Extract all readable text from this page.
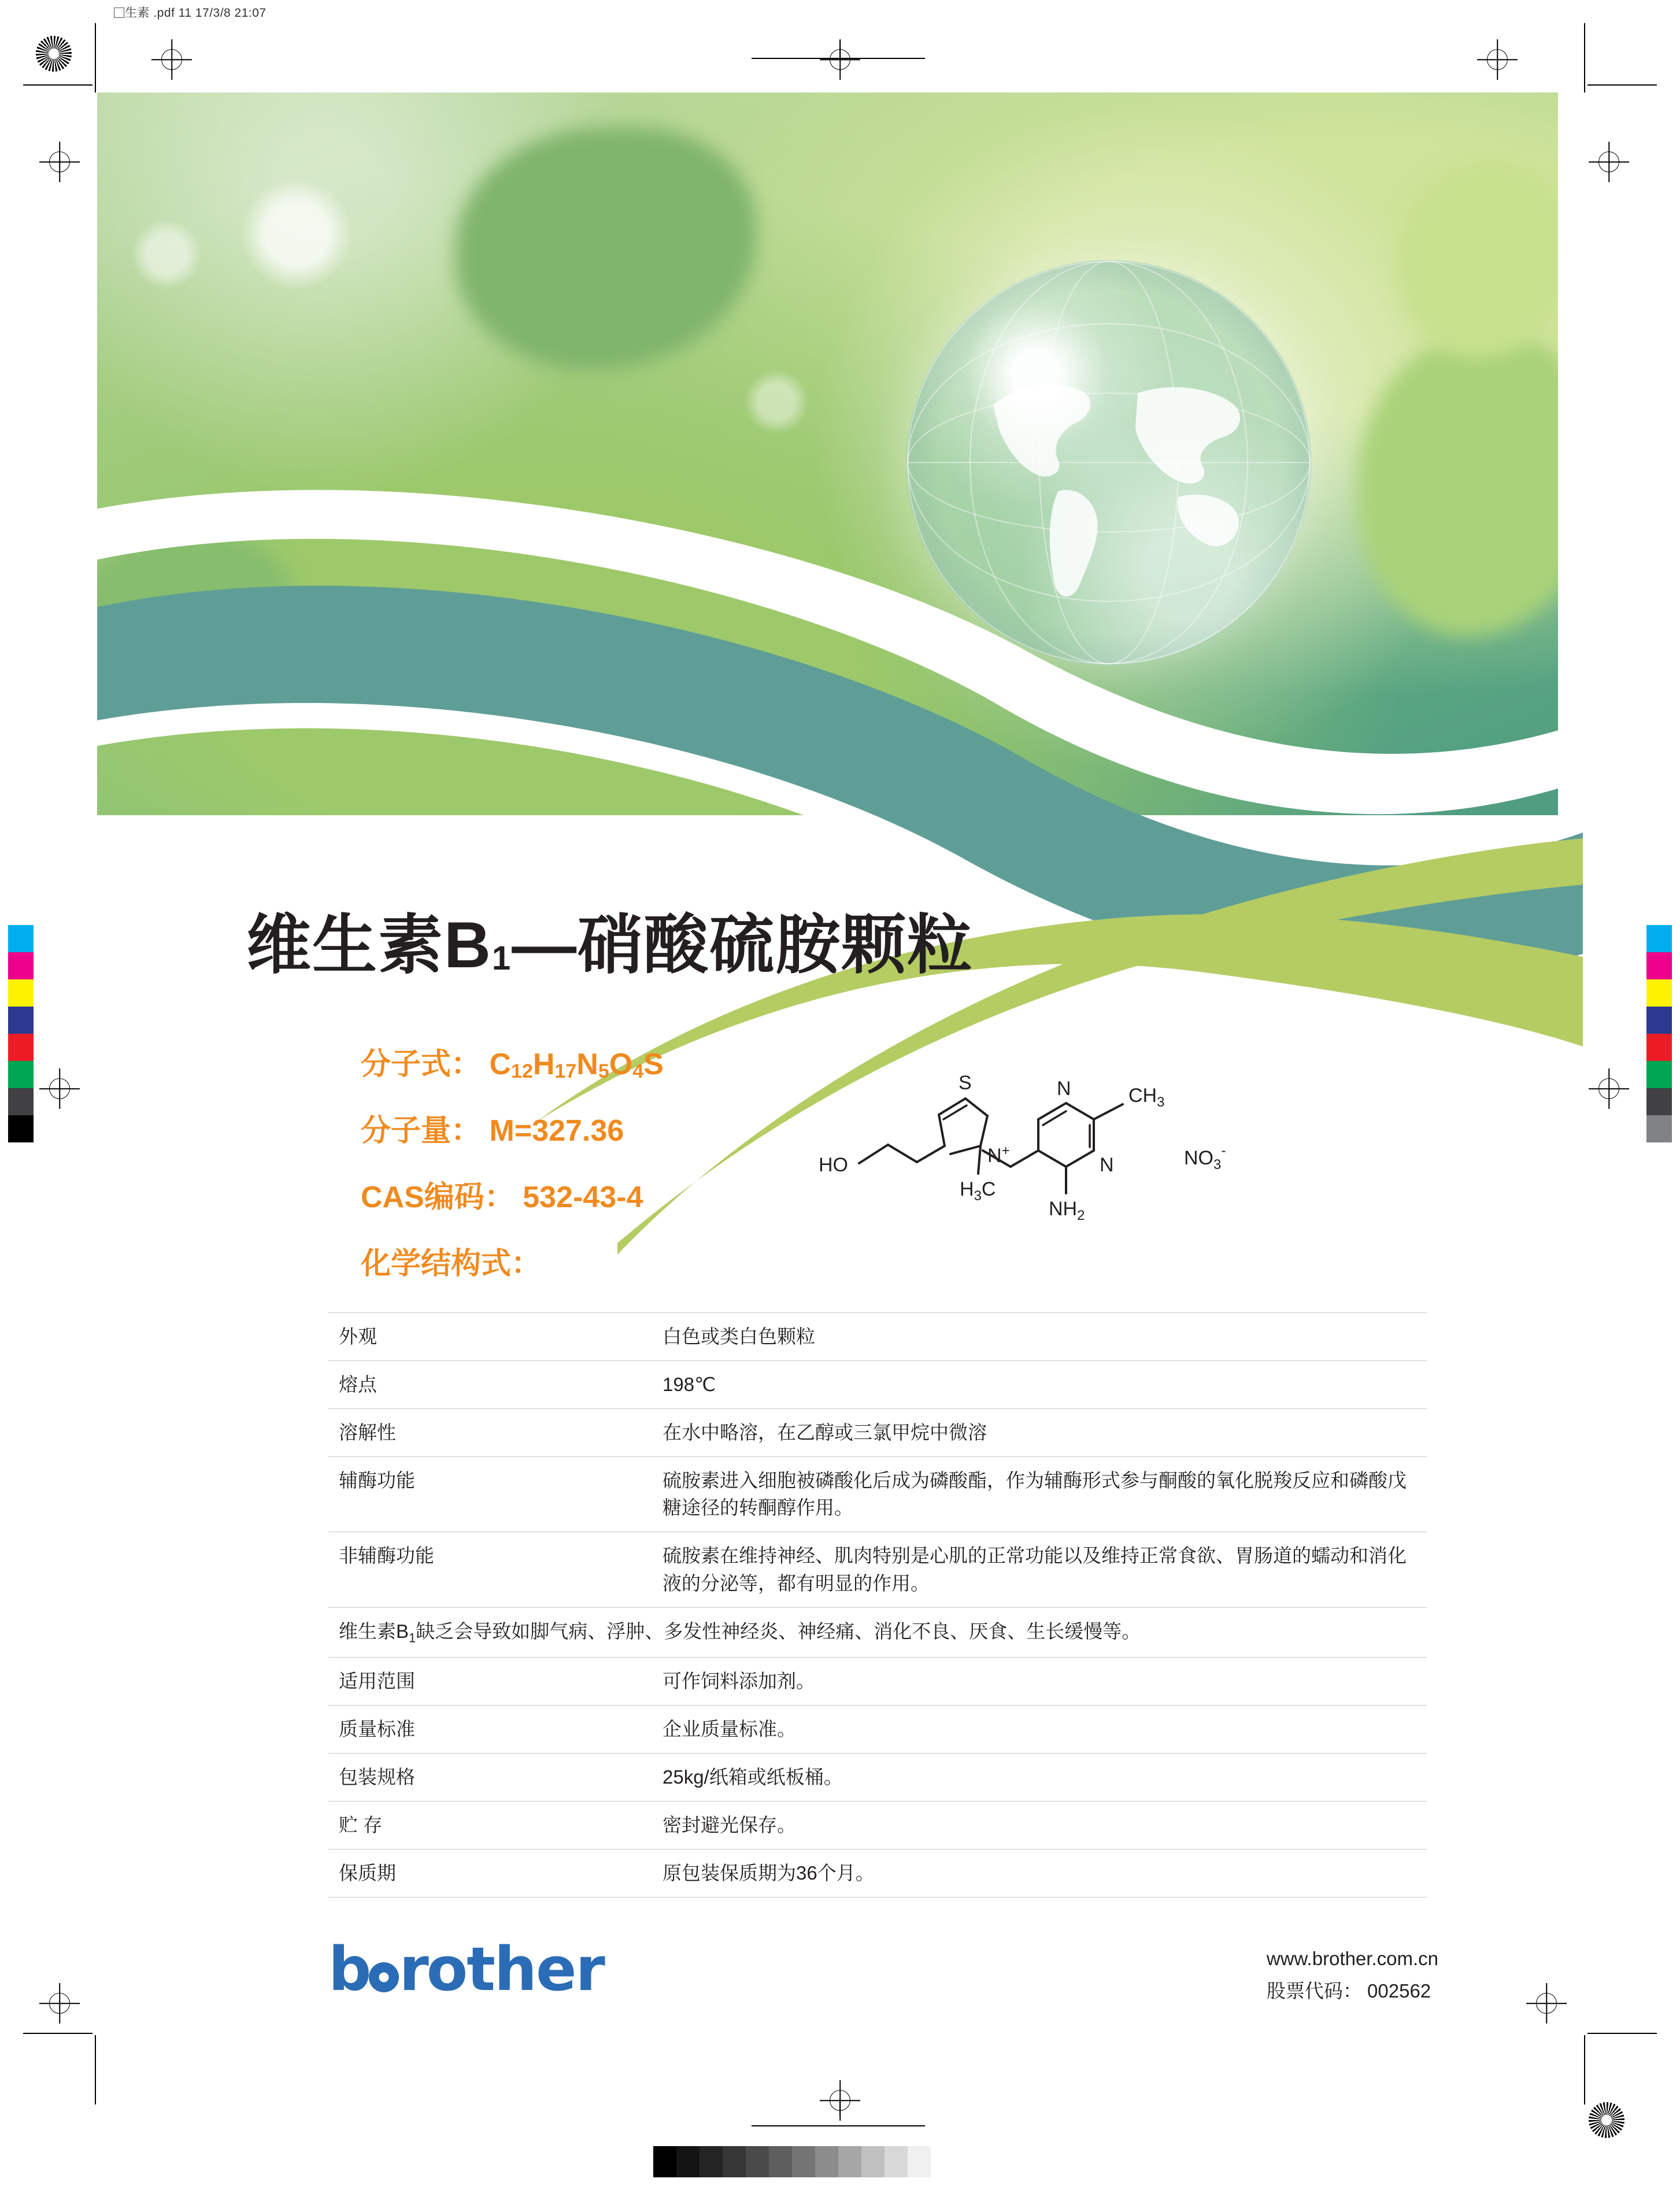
生素 .pdf 11 17/3/8 21:07
维生素$B_1—$硝酸硫胺颗粒
分子式： $C_{12}H_{17}N_5O_4S$
分子量： M=327.36
CAS编码： 532-43-4
化学结构式：
HO
S
N+
$H_3C$
N	$CH_3$
N
$NH_2$
$NO_3^-$
外观	白色或类白色颗粒
熔点	198℃
溶解性	在水中略溶，在乙醇或三氯甲烷中微溶
辅酶功能	硫胺素进入细胞被磷酸化后成为磷酸酯，作为辅酶形式参与酮酸的氧化脱羧反应和磷酸戊糖途径的转酮醇作用。
非辅酶功能	硫胺素在维持神经、肌肉特别是心肌的正常功能以及维持正常食欲、胃肠道的蠕动和消化液的分泌等，都有明显的作用。
维生素$B_1$缺乏会导致如脚气病、浮肿、多发性神经炎、神经痛、消化不良、厌食、生长缓慢等。	
适用范围	可作饲料添加剂。
质量标准	企业质量标准。
包装规格	25kg/纸箱或纸板桶。
贮 存	密封避光保存。
保质期	原包装保质期为36个月。
b rother	www.brother.com.cn
股票代码： 002562
